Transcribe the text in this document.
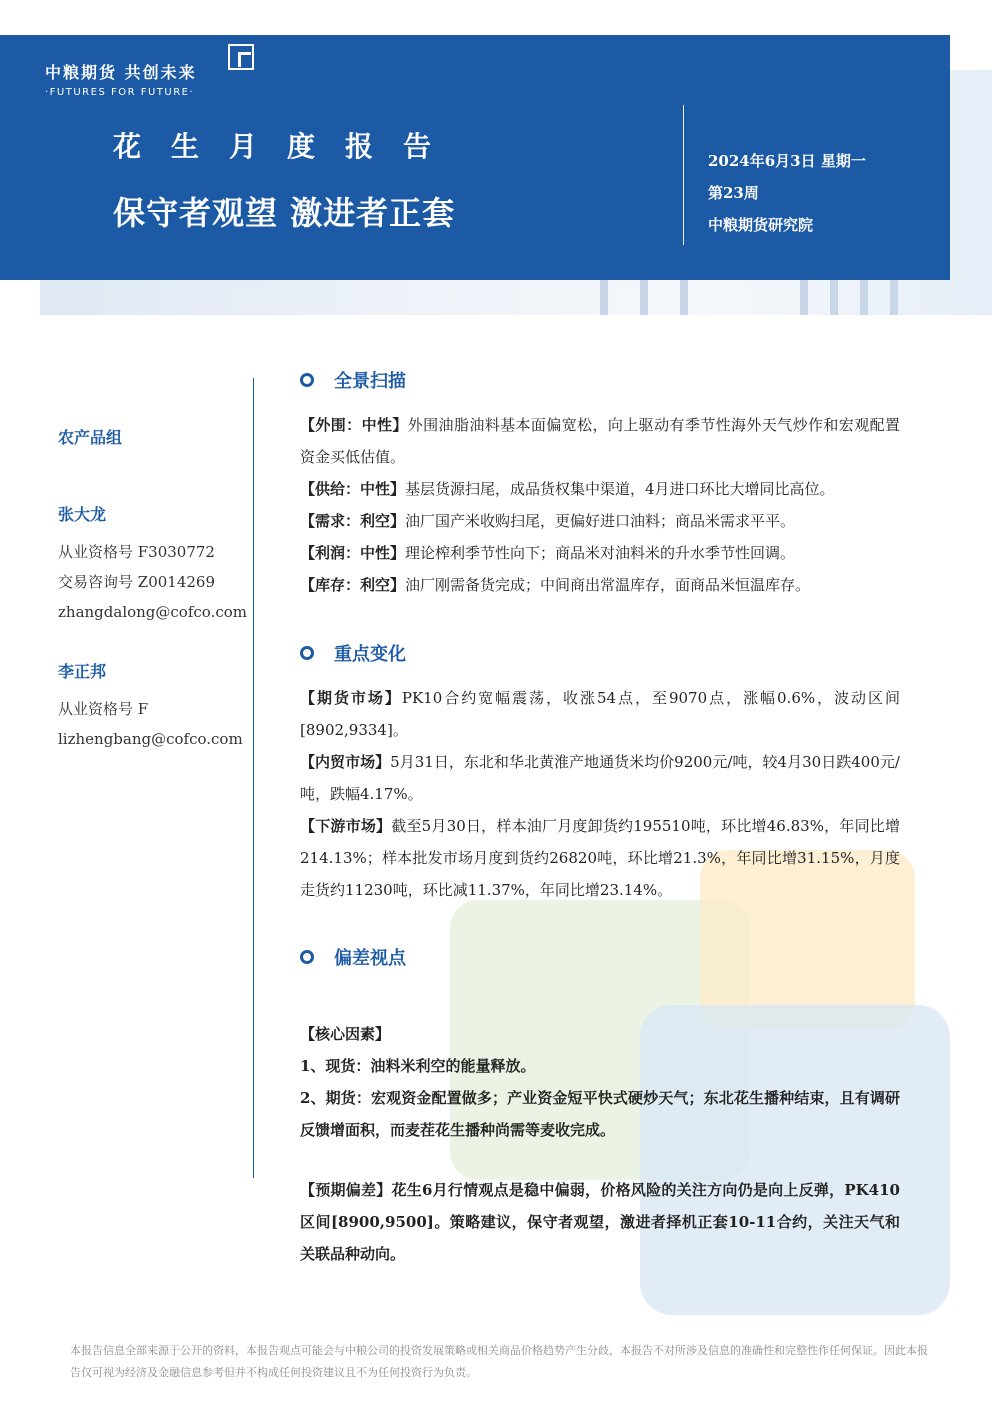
中粮期货 共创未来
·FUTURES FOR FUTURE·
花生月度报告
保守者观望 激进者正套
2024年6月3日 星期一
第23周
中粮期货研究院
农产品组
张大龙
从业资格号 F3030772
交易咨询号 Z0014269
zhangdalong@cofco.com
李正邦
从业资格号 F
lizhengbang@cofco.com
全景扫描
【外围：中性】外围油脂油料基本面偏宽松，向上驱动有季节性海外天气炒作和宏观配置资金买低估值。
【供给：中性】基层货源扫尾，成品货权集中渠道，4月进口环比大增同比高位。
【需求：利空】油厂国产米收购扫尾，更偏好进口油料；商品米需求平平。
【利润：中性】理论榨利季节性向下；商品米对油料米的升水季节性回调。
【库存：利空】油厂刚需备货完成；中间商出常温库存，面商品米恒温库存。
重点变化
【期货市场】PK10合约宽幅震荡，收涨54点，至9070点，涨幅0.6%，波动区间[8902,9334]。
【内贸市场】5月31日，东北和华北黄淮产地通货米均价9200元/吨，较4月30日跌400元/吨，跌幅4.17%。
【下游市场】截至5月30日，样本油厂月度卸货约195510吨，环比增46.83%，年同比增214.13%；样本批发市场月度到货约26820吨，环比增21.3%，年同比增31.15%，月度走货约11230吨，环比减11.37%，年同比增23.14%。
偏差视点
【核心因素】
1、现货：油料米利空的能量释放。
2、期货：宏观资金配置做多；产业资金短平快式硬炒天气；东北花生播种结束，且有调研反馈增面积，而麦茬花生播种尚需等麦收完成。
【预期偏差】花生6月行情观点是稳中偏弱，价格风险的关注方向仍是向上反弹，PK410区间[8900,9500]。策略建议，保守者观望，激进者择机正套10-11合约，关注天气和关联品种动向。
本报告信息全部来源于公开的资料，本报告观点可能会与中粮公司的投资发展策略或相关商品价格趋势产生分歧，本报告不对所涉及信息的准确性和完整性作任何保证。因此本报告仅可视为经济及金融信息参考但并不构成任何投资建议且不为任何投资行为负责。
